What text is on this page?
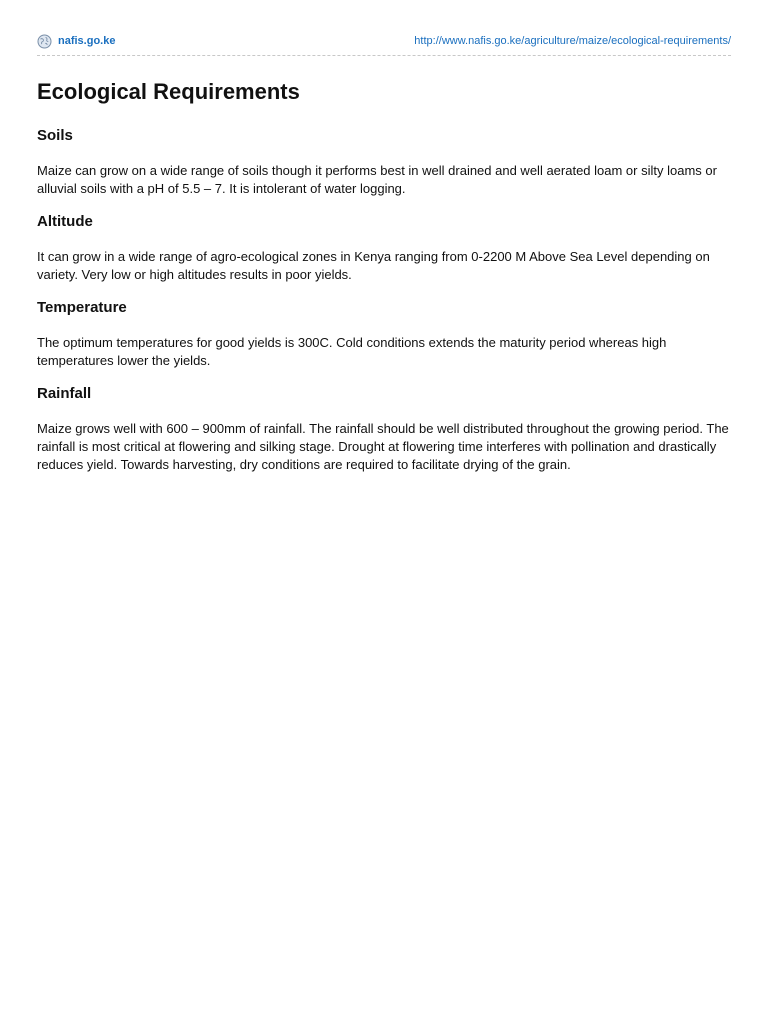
nafis.go.ke	http://www.nafis.go.ke/agriculture/maize/ecological-requirements/
Ecological Requirements
Soils

Maize can grow on a wide range of soils though it performs best in well drained and well aerated loam or silty loams or alluvial soils with a pH of 5.5 – 7. It is intolerant of water logging.

Altitude

It can grow in a wide range of agro-ecological zones in Kenya ranging from 0-2200 M Above Sea Level depending on variety. Very low or high altitudes results in poor yields.

Temperature

The optimum temperatures for good yields is 300C. Cold conditions extends the maturity period whereas high temperatures lower the yields.

Rainfall

Maize grows well with 600 – 900mm of rainfall. The rainfall should be well distributed throughout the growing period. The rainfall is most critical at flowering and silking stage. Drought at flowering time interferes with pollination and drastically reduces yield. Towards harvesting, dry conditions are required to facilitate drying of the grain.
